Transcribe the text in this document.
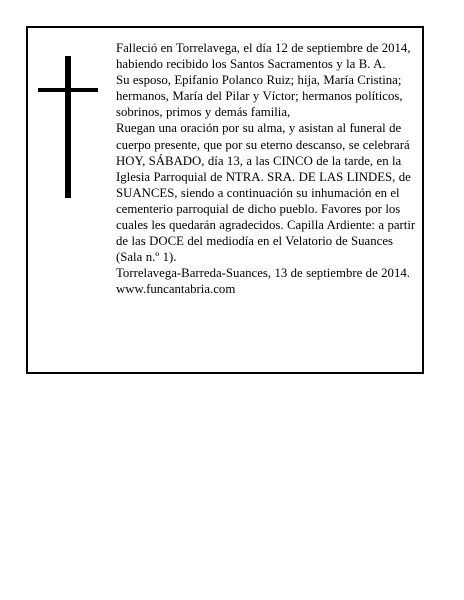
Falleció en Torrelavega, el día 12 de septiembre de 2014, habiendo recibido los Santos Sacramentos y la B. A.

Su esposo, Epifanio Polanco Ruiz; hija, María Cristina; hermanos, María del Pilar y Víctor; hermanos políticos, sobrinos, primos y demás familia,

Ruegan una oración por su alma, y asistan al funeral de cuerpo presente, que por su eterno descanso, se celebrará HOY, SÁBADO, día 13, a las CINCO de la tarde, en la Iglesia Parroquial de NTRA. SRA. DE LAS LINDES, de SUANCES, siendo a continuación su inhumación en el cementerio parroquial de dicho pueblo. Favores por los cuales les quedarán agradecidos. Capilla Ardiente: a partir de las DOCE del mediodía en el Velatorio de Suances (Sala n.º 1).

Torrelavega-Barreda-Suances, 13 de septiembre de 2014. www.funcantabria.com
